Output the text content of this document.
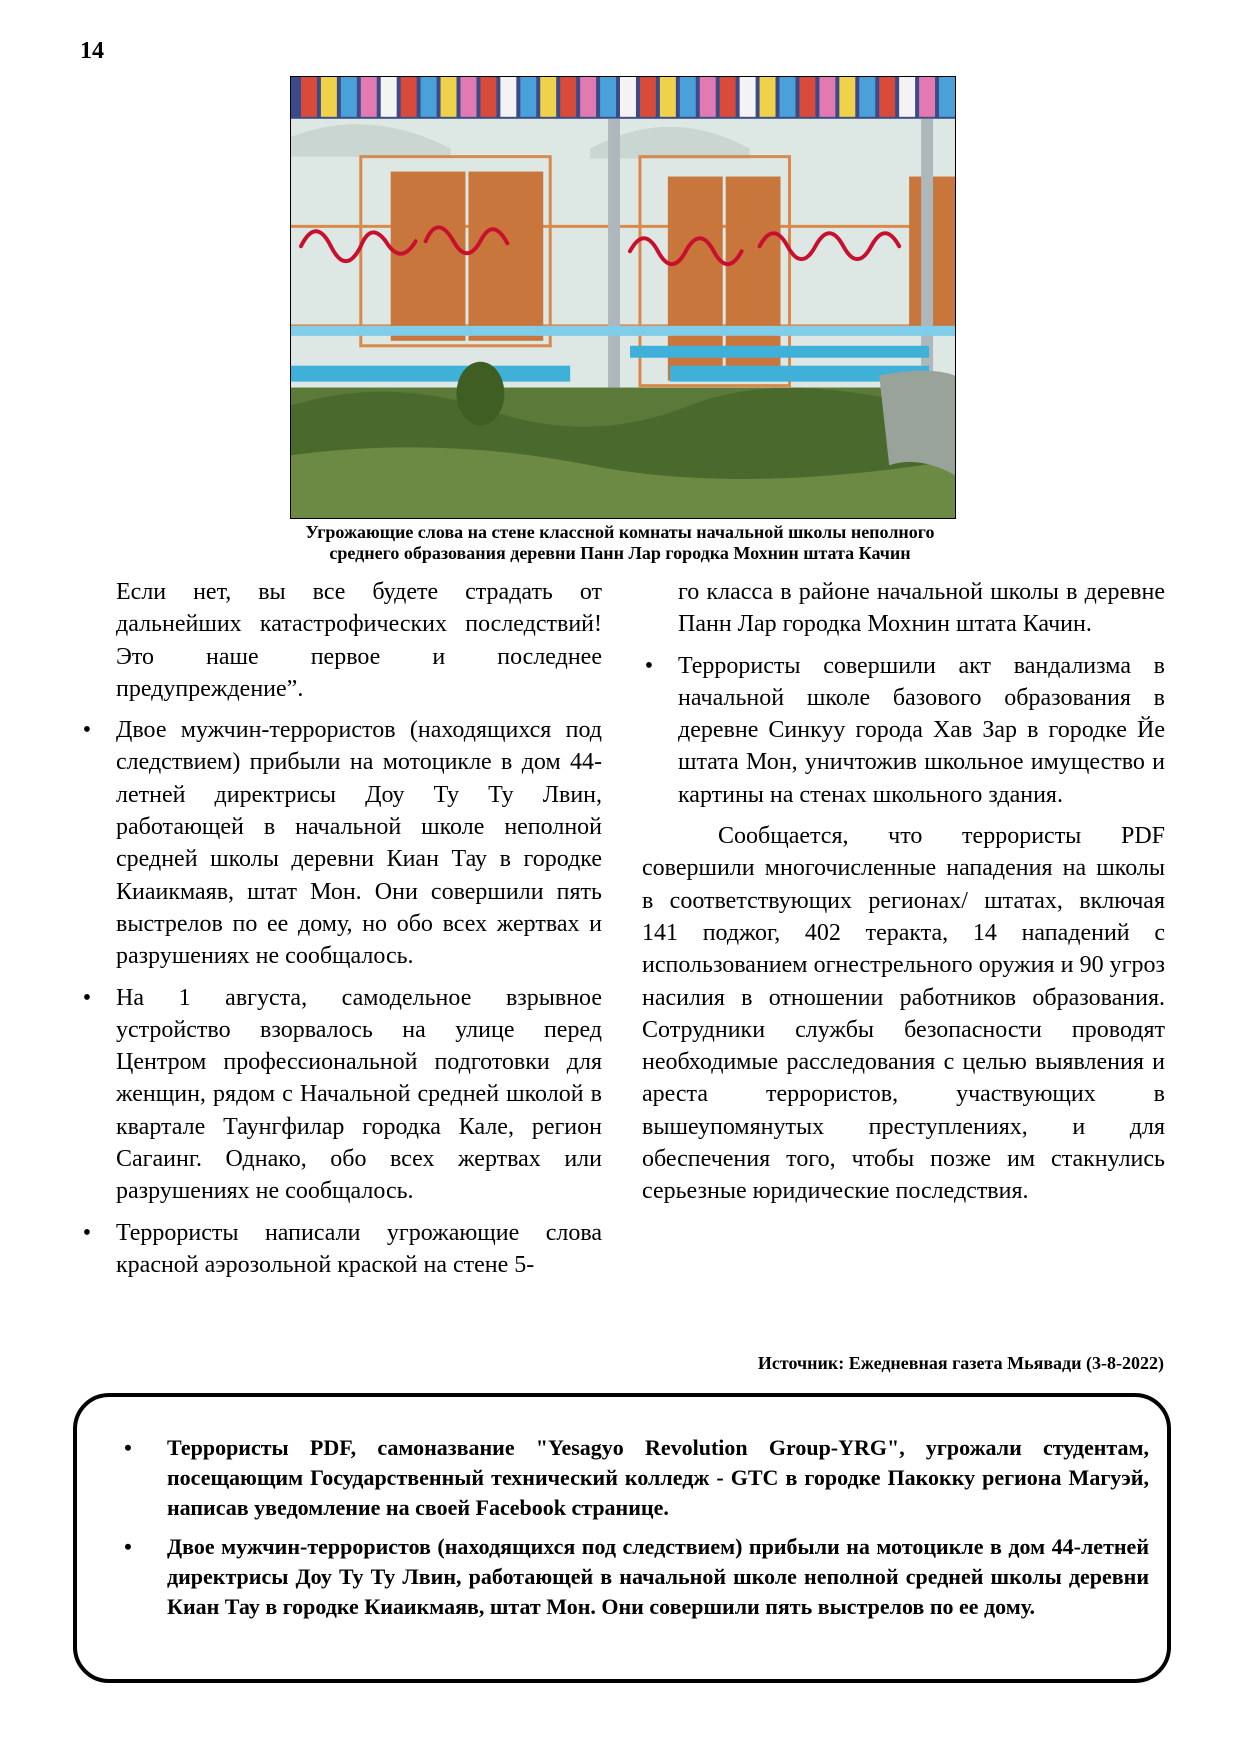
14
Угрожающие слова на стене классной комнаты начальной школы неполного
среднего образования деревни Панн Лар городка Мохнин штата Качин

Если нет, вы все будете страдать от дальнейших катастрофических последствий! Это наше первое и последнее предупреждение”.

• Двое мужчин-террористов (находящихся под следствием) прибыли на мотоцикле в дом 44-летней директрисы Доу Ту Ту Лвин, работающей в начальной школе неполной средней школы деревни Киан Тау в городке Киаикмаяв, штат Мон. Они совершили пять выстрелов по ее дому, но обо всех жертвах и разрушениях не сообщалось.
• На 1 августа, самодельное взрывное устройство взорвалось на улице перед Центром профессиональной подготовки для женщин, рядом с Начальной средней школой в квартале Таунгфилар городка Кале, регион Сагаинг. Однако, обо всех жертвах или разрушениях не сообщалось.
• Террористы написали угрожающие слова красной аэрозольной краской на стене 5-

го класса в районе начальной школы в деревне Панн Лар городка Мохнин штата Качин.

• Террористы совершили акт вандализма в начальной школе базового образования в деревне Синкуу города Хав Зар в городке Йе штата Мон, уничтожив школьное имущество и картины на стенах школьного здания.

Сообщается, что террористы PDF совершили многочисленные нападения на школы в соответствующих регионах/ штатах, включая 141 поджог, 402 теракта, 14 нападений с использованием огнестрельного оружия и 90 угроз насилия в отношении работников образования. Сотрудники службы безопасности проводят необходимые расследования с целью выявления и ареста террористов, участвующих в вышеупомянутых преступлениях, и для обеспечения того, чтобы позже им стакнулись серьезные юридические последствия.

Источник: Ежедневная газета Мьявади (3-8-2022)
• Террористы PDF, самоназвание "Yesagyo Revolution Group-YRG", угрожали студентам, посещающим Государственный технический колледж - GTC в городке Пакокку региона Магуэй, написав уведомление на своей Facebook странице.
• Двое мужчин-террористов (находящихся под следствием) прибыли на мотоцикле в дом 44-летней директрисы Доу Ту Ту Лвин, работающей в начальной школе неполной средней школы деревни Киан Тау в городке Киаикмаяв, штат Мон. Они совершили пять выстрелов по ее дому.
